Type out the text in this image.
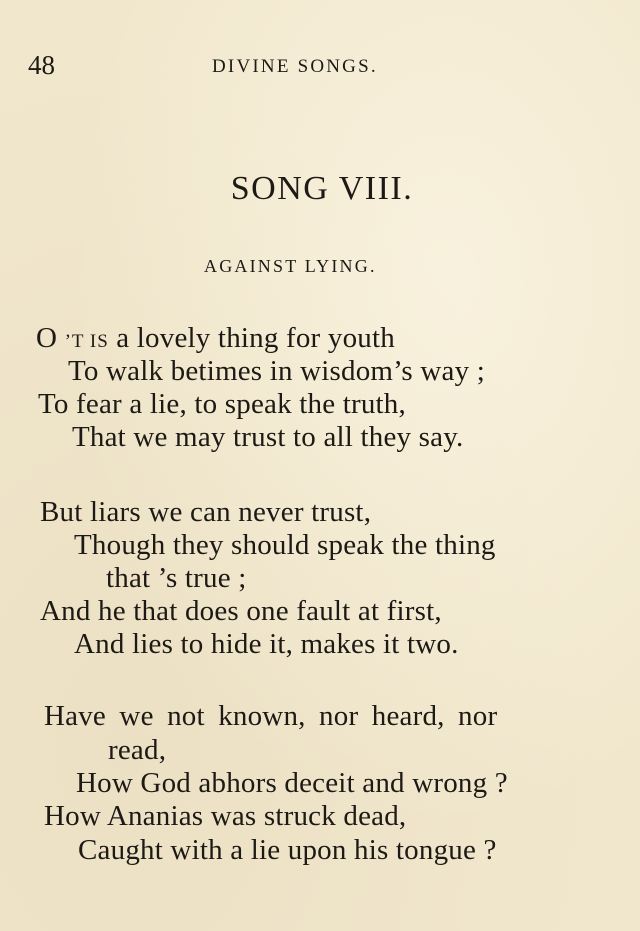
48	DIVINE SONGS.
SONG VIII.
AGAINST LYING.
O ’T IS a lovely thing for youth
To walk betimes in wisdom’s way ;
To fear a lie, to speak the truth,
That we may trust to all they say.
But liars we can never trust,
Though they should speak the thing
that ’s true ;
And he that does one fault at first,
And lies to hide it, makes it two.
Have we not known, nor heard, nor
read,
How God abhors deceit and wrong ?
How Ananias was struck dead,
Caught with a lie upon his tongue ?
